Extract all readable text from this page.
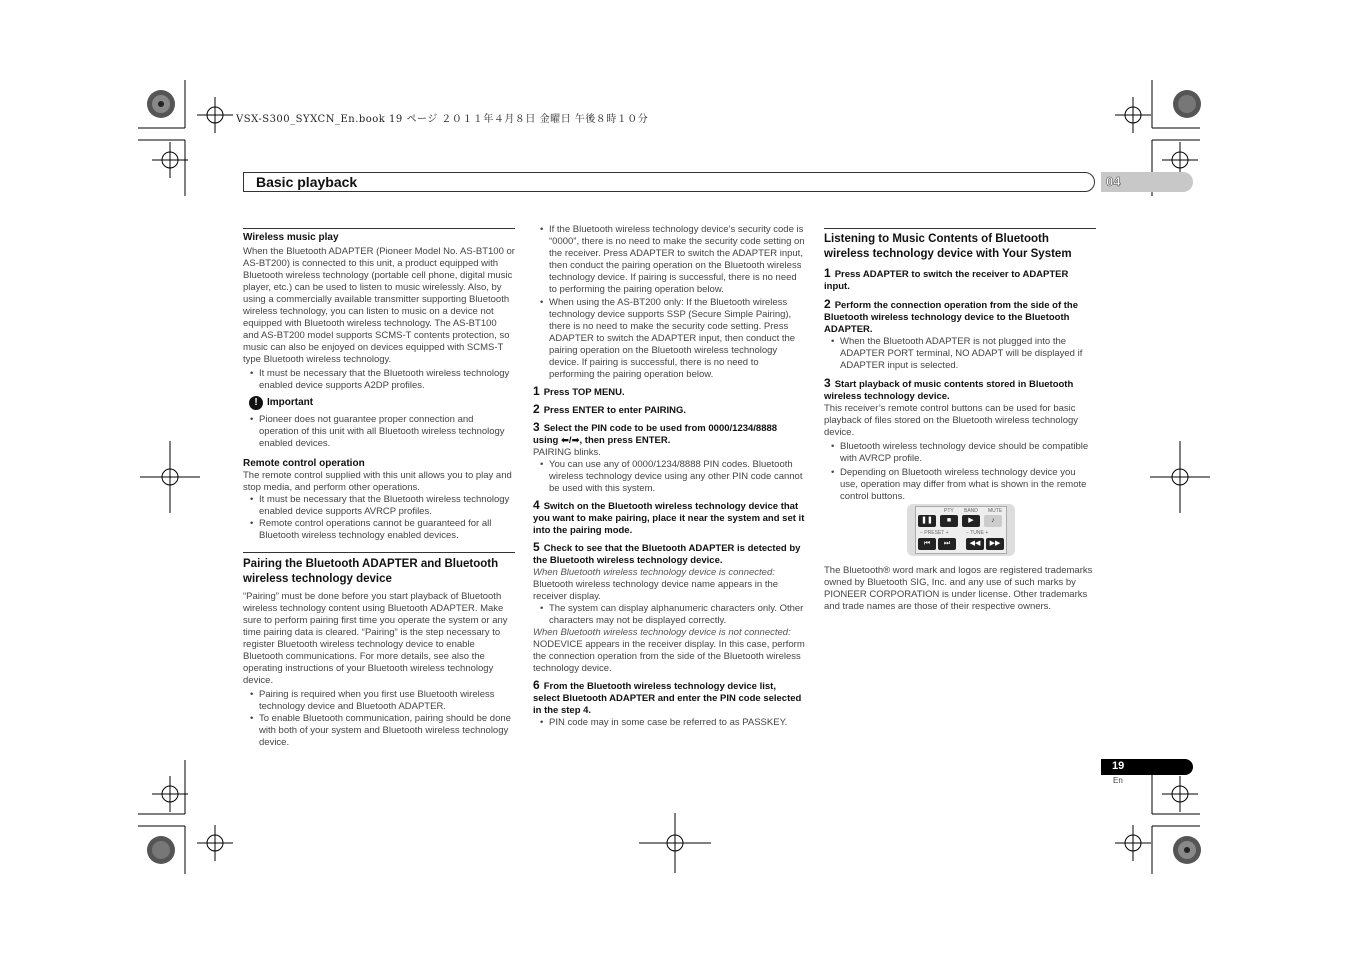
VSX-S300_SYXCN_En.book 19 ページ ２０１１年４月８日 金曜日 午後８時１０分
Basic playback	04

Wireless music play

When the Bluetooth ADAPTER (Pioneer Model No. AS-BT100 or AS-BT200) is connected to this unit, a product equipped with Bluetooth wireless technology (portable cell phone, digital music player, etc.) can be used to listen to music wirelessly. Also, by using a commercially available transmitter supporting Bluetooth wireless technology, you can listen to music on a device not equipped with Bluetooth wireless technology. The AS-BT100 and AS-BT200 model supports SCMS-T contents protection, so music can also be enjoyed on devices equipped with SCMS-T type Bluetooth wireless technology.

• It must be necessary that the Bluetooth wireless technology enabled device supports A2DP profiles.

! Important

• Pioneer does not guarantee proper connection and operation of this unit with all Bluetooth wireless technology enabled devices.

Remote control operation

The remote control supplied with this unit allows you to play and stop media, and perform other operations.

• It must be necessary that the Bluetooth wireless technology enabled device supports AVRCP profiles.

• Remote control operations cannot be guaranteed for all Bluetooth wireless technology enabled devices.

Pairing the Bluetooth ADAPTER and Bluetooth wireless technology device

“Pairing” must be done before you start playback of Bluetooth wireless technology content using Bluetooth ADAPTER. Make sure to perform pairing first time you operate the system or any time pairing data is cleared. “Pairing” is the step necessary to register Bluetooth wireless technology device to enable Bluetooth communications. For more details, see also the operating instructions of your Bluetooth wireless technology device.

• Pairing is required when you first use Bluetooth wireless technology device and Bluetooth ADAPTER.

• To enable Bluetooth communication, pairing should be done with both of your system and Bluetooth wireless technology device.

• If the Bluetooth wireless technology device’s security code is “0000”, there is no need to make the security code setting on the receiver. Press ADAPTER to switch the ADAPTER input, then conduct the pairing operation on the Bluetooth wireless technology device. If pairing is successful, there is no need to performing the pairing operation below.

• When using the AS-BT200 only: If the Bluetooth wireless technology device supports SSP (Secure Simple Pairing), there is no need to make the security code setting. Press ADAPTER to switch the ADAPTER input, then conduct the pairing operation on the Bluetooth wireless technology device. If pairing is successful, there is no need to performing the pairing operation below.

1 Press TOP MENU.

2 Press ENTER to enter PAIRING.

3 Select the PIN code to be used from 0000/1234/8888 using ⬅/➡, then press ENTER.

PAIRING blinks.

• You can use any of 0000/1234/8888 PIN codes. Bluetooth wireless technology device using any other PIN code cannot be used with this system.

4 Switch on the Bluetooth wireless technology device that you want to make pairing, place it near the system and set it into the pairing mode.

5 Check to see that the Bluetooth ADAPTER is detected by the Bluetooth wireless technology device.

When Bluetooth wireless technology device is connected:

Bluetooth wireless technology device name appears in the receiver display.

• The system can display alphanumeric characters only. Other characters may not be displayed correctly.

When Bluetooth wireless technology device is not connected:

NODEVICE appears in the receiver display. In this case, perform the connection operation from the side of the Bluetooth wireless technology device.

6 From the Bluetooth wireless technology device list, select Bluetooth ADAPTER and enter the PIN code selected in the step 4.

• PIN code may in some case be referred to as PASSKEY.

Listening to Music Contents of Bluetooth wireless technology device with Your System

1 Press ADAPTER to switch the receiver to ADAPTER input.

2 Perform the connection operation from the side of the Bluetooth wireless technology device to the Bluetooth ADAPTER.

• When the Bluetooth ADAPTER is not plugged into the ADAPTER PORT terminal, NO ADAPT will be displayed if ADAPTER input is selected.

3 Start playback of music contents stored in Bluetooth wireless technology device.

This receiver’s remote control buttons can be used for basic playback of files stored on the Bluetooth wireless technology device.

• Bluetooth wireless technology device should be compatible with AVRCP profile.

• Depending on Bluetooth wireless technology device you use, operation may differ from what is shown in the remote control buttons.

PTY BAND MUTE
❚❚	■	▶	♪
− PRESET +	− TUNE +
⏮	⏭	◀◀	▶▶

The Bluetooth® word mark and logos are registered trademarks owned by Bluetooth SIG, Inc. and any use of such marks by PIONEER CORPORATION is under license. Other trademarks and trade names are those of their respective owners.

19
En
